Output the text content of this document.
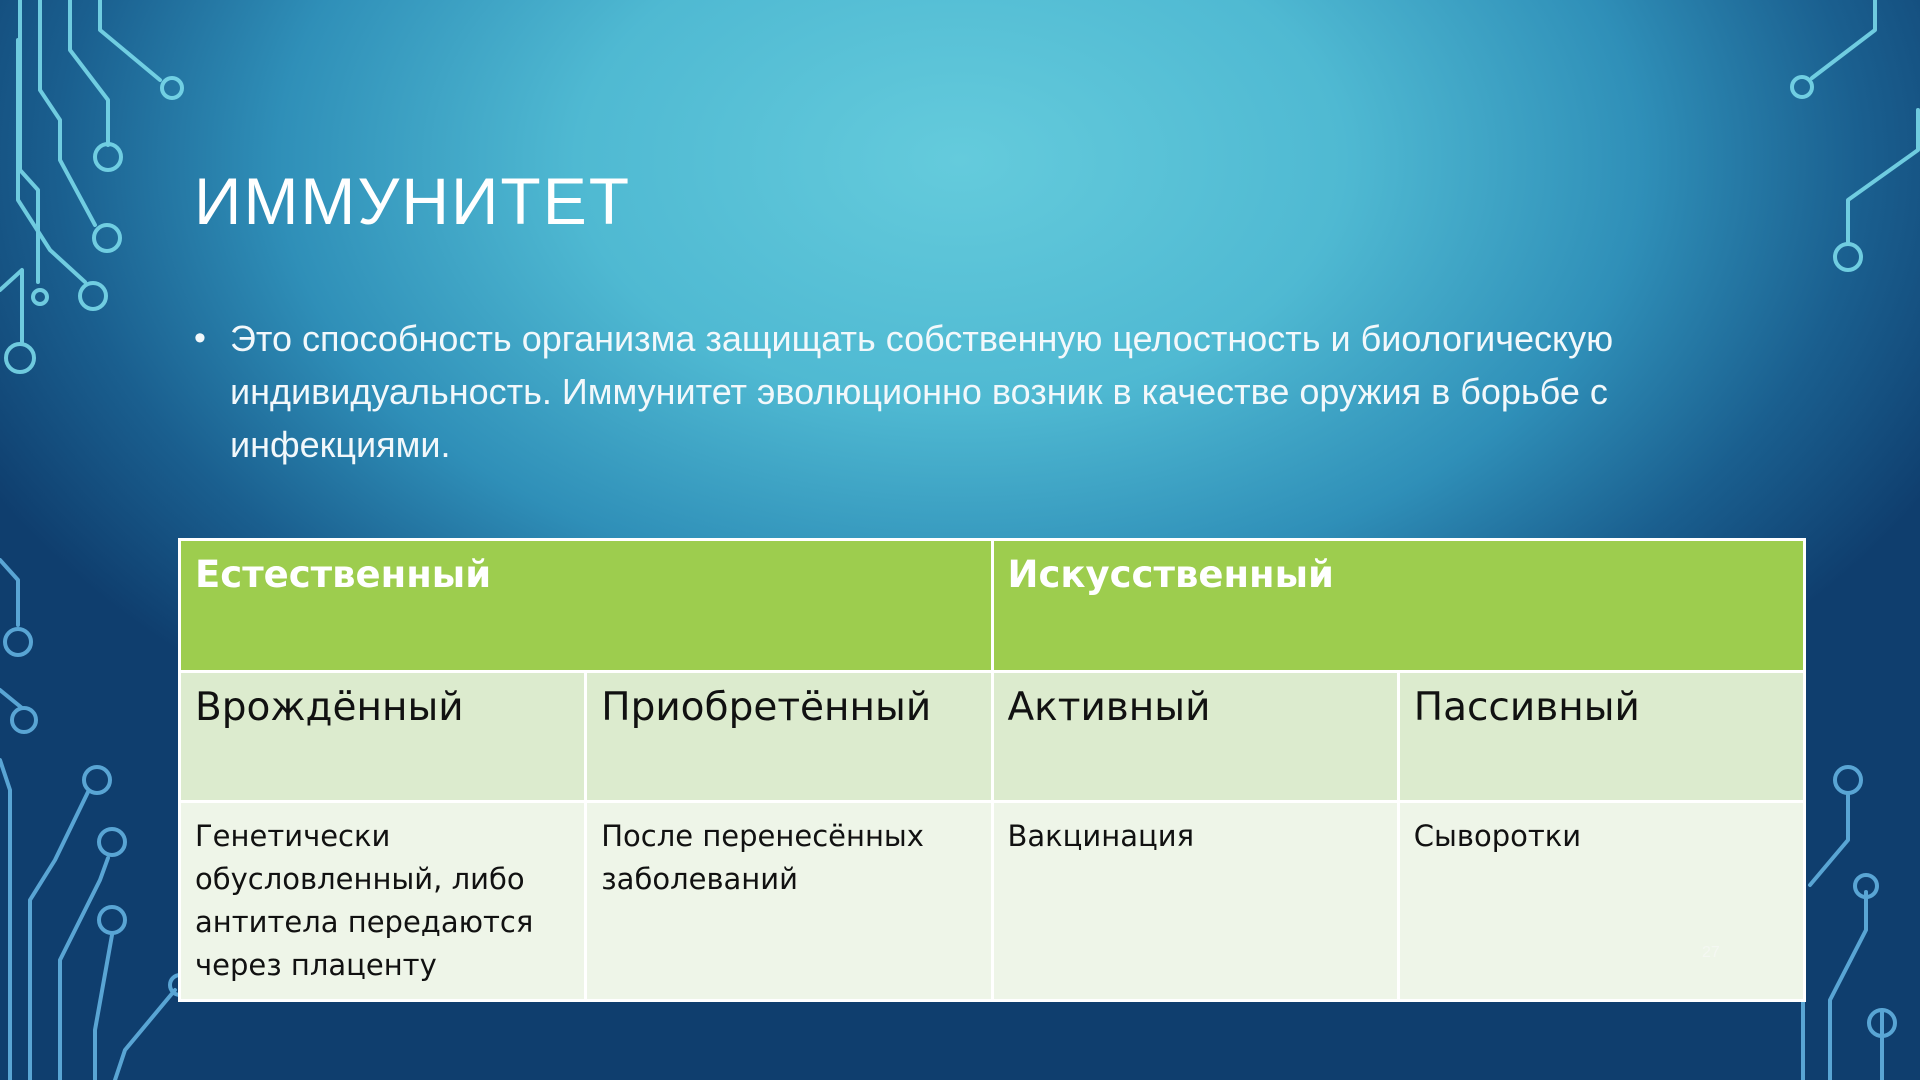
ИММУНИТЕТ
• Это способность организма защищать собственную целостность и биологическую индивидуальность. Иммунитет эволюционно возник в качестве оружия в борьбе с инфекциями.
Естественный		Искусственный	
Врождённый	Приобретённый	Активный	Пассивный
Генетически обусловленный, либо антитела передаются через плаценту	После перенесённых заболеваний	Вакцинация	Сыворотки
27
